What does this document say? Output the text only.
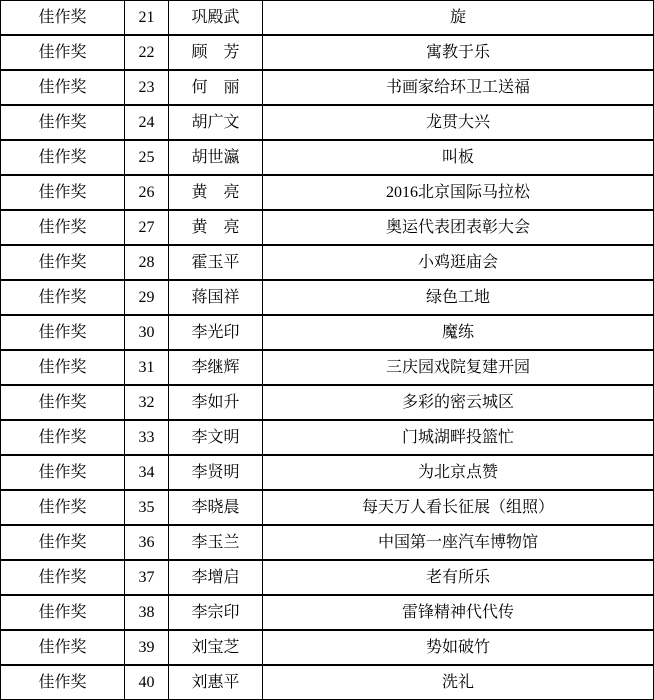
佳作奖	21	巩殿武	旋
佳作奖	22	顾　芳	寓教于乐
佳作奖	23	何　丽	书画家给环卫工送福
佳作奖	24	胡广文	龙贯大兴
佳作奖	25	胡世瀛	叫板
佳作奖	26	黄　亮	2016北京国际马拉松
佳作奖	27	黄　亮	奥运代表团表彰大会
佳作奖	28	霍玉平	小鸡逛庙会
佳作奖	29	蒋国祥	绿色工地
佳作奖	30	李光印	魔练
佳作奖	31	李继辉	三庆园戏院复建开园
佳作奖	32	李如升	多彩的密云城区
佳作奖	33	李文明	门城湖畔投篮忙
佳作奖	34	李贤明	为北京点赞
佳作奖	35	李晓晨	每天万人看长征展（组照）
佳作奖	36	李玉兰	中国第一座汽车博物馆
佳作奖	37	李增启	老有所乐
佳作奖	38	李宗印	雷锋精神代代传
佳作奖	39	刘宝芝	势如破竹
佳作奖	40	刘惠平	洗礼
